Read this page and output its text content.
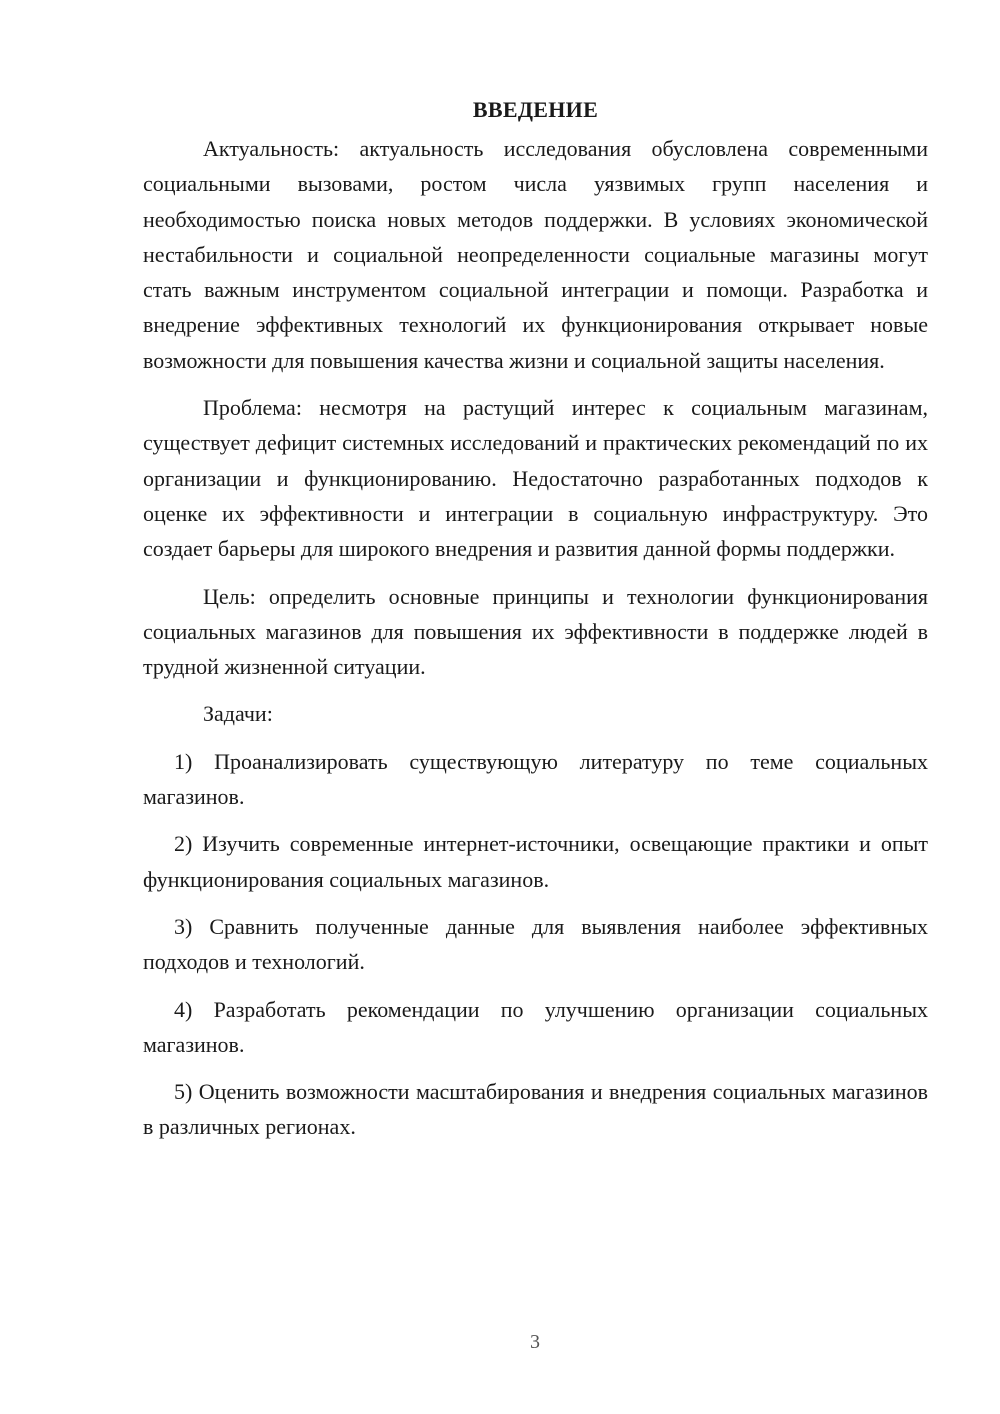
ВВЕДЕНИЕ

Актуальность: актуальность исследования обусловлена современными социальными вызовами, ростом числа уязвимых групп населения и необходимостью поиска новых методов поддержки. В условиях экономической нестабильности и социальной неопределенности социальные магазины могут стать важным инструментом социальной интеграции и помощи. Разработка и внедрение эффективных технологий их функционирования открывает новые возможности для повышения качества жизни и социальной защиты населения.

Проблема: несмотря на растущий интерес к социальным магазинам, существует дефицит системных исследований и практических рекомендаций по их организации и функционированию. Недостаточно разработанных подходов к оценке их эффективности и интеграции в социальную инфраструктуру. Это создает барьеры для широкого внедрения и развития данной формы поддержки.

Цель: определить основные принципы и технологии функционирования социальных магазинов для повышения их эффективности в поддержке людей в трудной жизненной ситуации.

Задачи:

1) Проанализировать существующую литературу по теме социальных магазинов.

2) Изучить современные интернет-источники, освещающие практики и опыт функционирования социальных магазинов.

3) Сравнить полученные данные для выявления наиболее эффективных подходов и технологий.

4) Разработать рекомендации по улучшению организации социальных магазинов.

5) Оценить возможности масштабирования и внедрения социальных магазинов в различных регионах.

3
